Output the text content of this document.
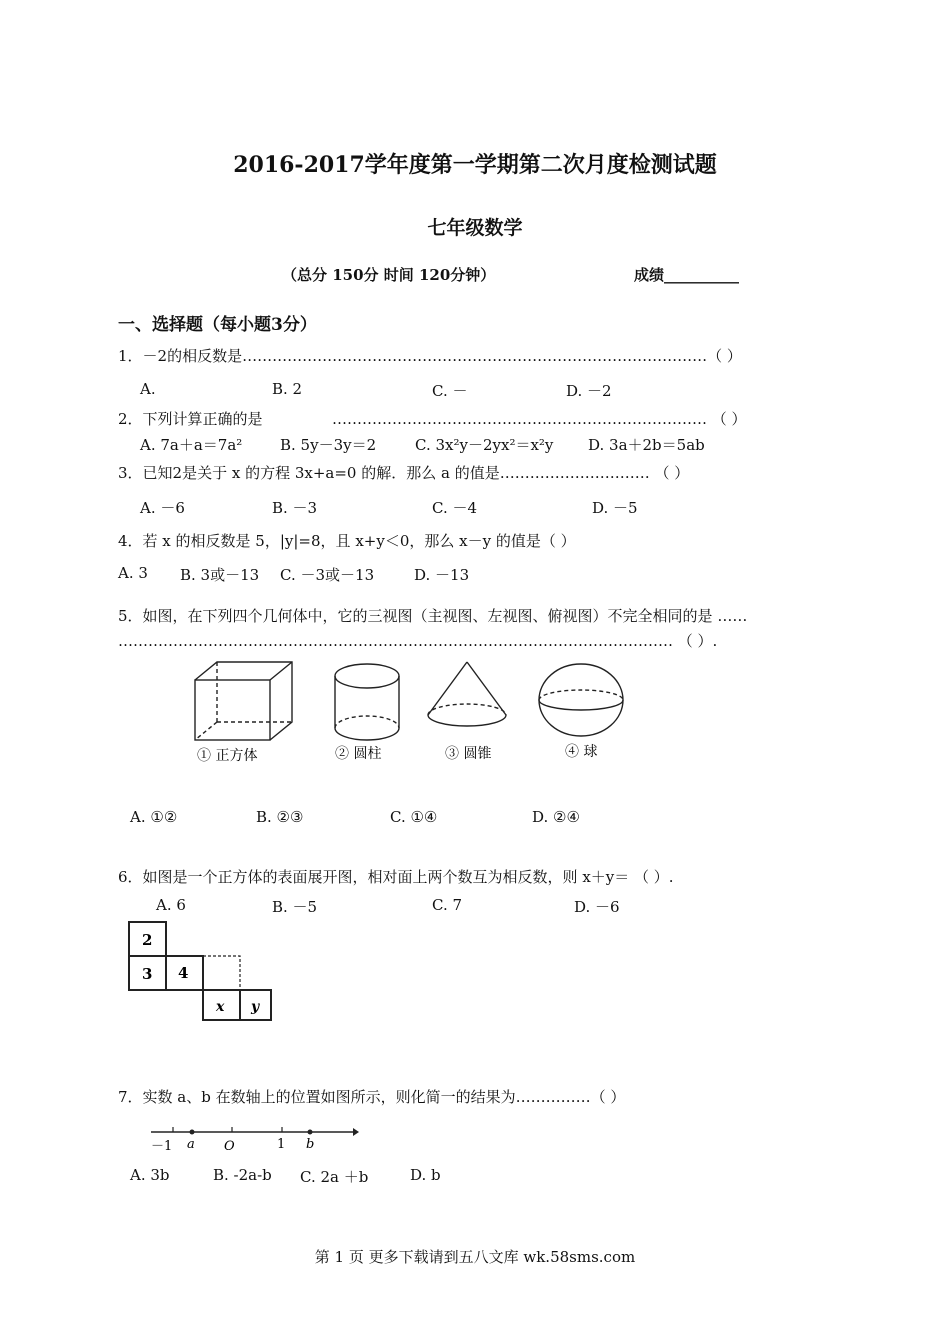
2016-2017学年度第一学期第二次月度检测试题
七年级数学
（总分 150分 时间 120分钟）	成绩__________
一、选择题（每小题3分）
1．－2的相反数是…………………………………………………………………………………（ ）
A.	B. 2	C. －	D. －2
2．下列计算正确的是	………………………………………………………………… （ ）
A. 7a＋a＝7a²	B. 5y－3y＝2	C. 3x²y－2yx²＝x²y D. 3a＋2b＝5ab
3．已知2是关于 x 的方程 3x+a=0 的解．那么 a 的值是………………………… （ ）
A. －6	B. －3	C. －4	D. －5
4．若 x 的相反数是 5，|y|=8，且 x+y＜0，那么 x－y 的值是（ ）
A. 3 B. 3或－13 C. －3或－13	D. －13
5．如图，在下列四个几何体中，它的三视图（主视图、左视图、俯视图）不完全相同的是 ……
………………………………………………………………………………………………… （ ）.
① 正方体	② 圆柱	③ 圆锥	④ 球
A. ①②	B. ②③	C. ①④	D. ②④
6．如图是一个正方体的表面展开图，相对面上两个数互为相反数，则 x＋y＝ （ ）.
A. 6	B. －5	C. 7	D. －6
2
3 4
x y
7．实数 a、b 在数轴上的位置如图所示，则化简一的结果为……………（ ）
－1 a O	1 b
A. 3b	B. -2a-b C. 2a ＋b	D. b
第 1 页 更多下载请到五八文库 wk.58sms.com
